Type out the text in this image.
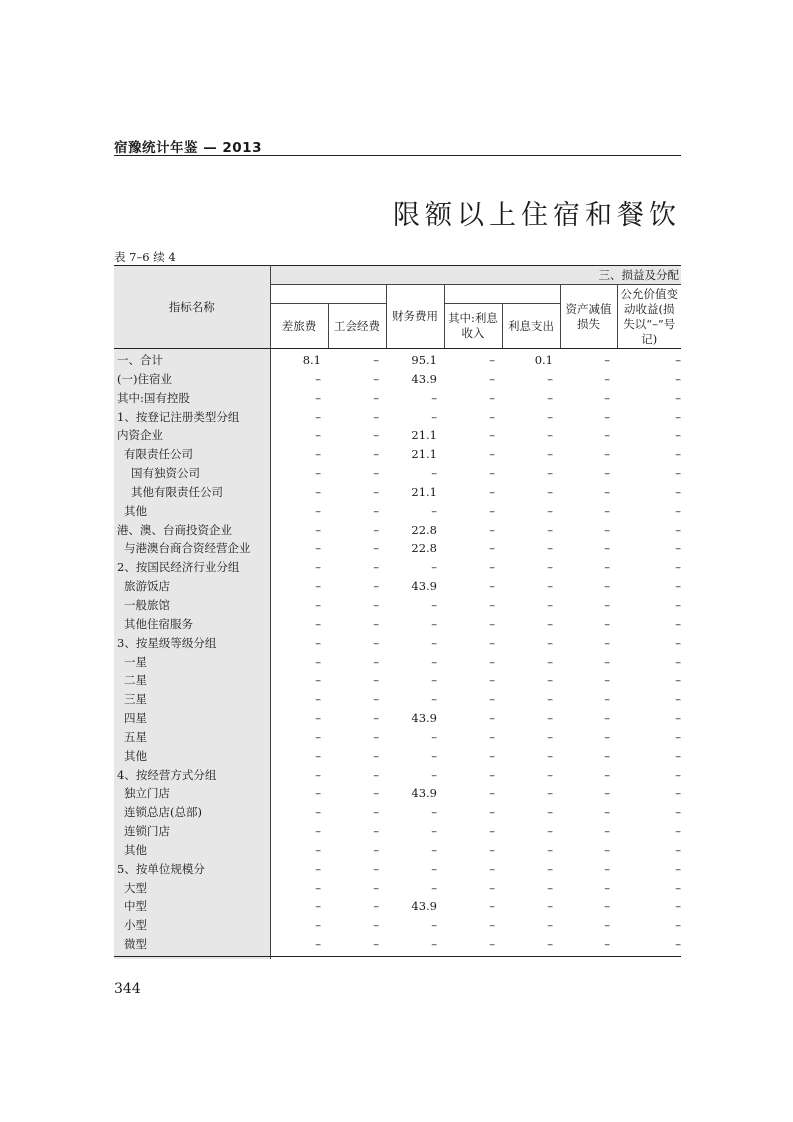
宿豫统计年鉴 — 2013
限额以上住宿和餐饮
表 7–6 续 4
指标名称	三、损益及分配						
			财务费用			资产减值损失	公允价值变动收益(损失以“–”号记)
	差旅费	工会经费		其中:利息收入	利息支出		
一、合计	8.1	–	95.1	–	0.1	–	–
(一)住宿业	–	–	43.9	–	–	–	–
其中:国有控股	–	–	–	–	–	–	–
1、按登记注册类型分组	–	–	–	–	–	–	–
内资企业	–	–	21.1	–	–	–	–
有限责任公司	–	–	21.1	–	–	–	–
国有独资公司	–	–	–	–	–	–	–
其他有限责任公司	–	–	21.1	–	–	–	–
其他	–	–	–	–	–	–	–
港、澳、台商投资企业	–	–	22.8	–	–	–	–
与港澳台商合资经营企业	–	–	22.8	–	–	–	–
2、按国民经济行业分组	–	–	–	–	–	–	–
旅游饭店	–	–	43.9	–	–	–	–
一般旅馆	–	–	–	–	–	–	–
其他住宿服务	–	–	–	–	–	–	–
3、按星级等级分组	–	–	–	–	–	–	–
一星	–	–	–	–	–	–	–
二星	–	–	–	–	–	–	–
三星	–	–	–	–	–	–	–
四星	–	–	43.9	–	–	–	–
五星	–	–	–	–	–	–	–
其他	–	–	–	–	–	–	–
4、按经营方式分组	–	–	–	–	–	–	–
独立门店	–	–	43.9	–	–	–	–
连锁总店(总部)	–	–	–	–	–	–	–
连锁门店	–	–	–	–	–	–	–
其他	–	–	–	–	–	–	–
5、按单位规模分	–	–	–	–	–	–	–
大型	–	–	–	–	–	–	–
中型	–	–	43.9	–	–	–	–
小型	–	–	–	–	–	–	–
微型	–	–	–	–	–	–	–
344
